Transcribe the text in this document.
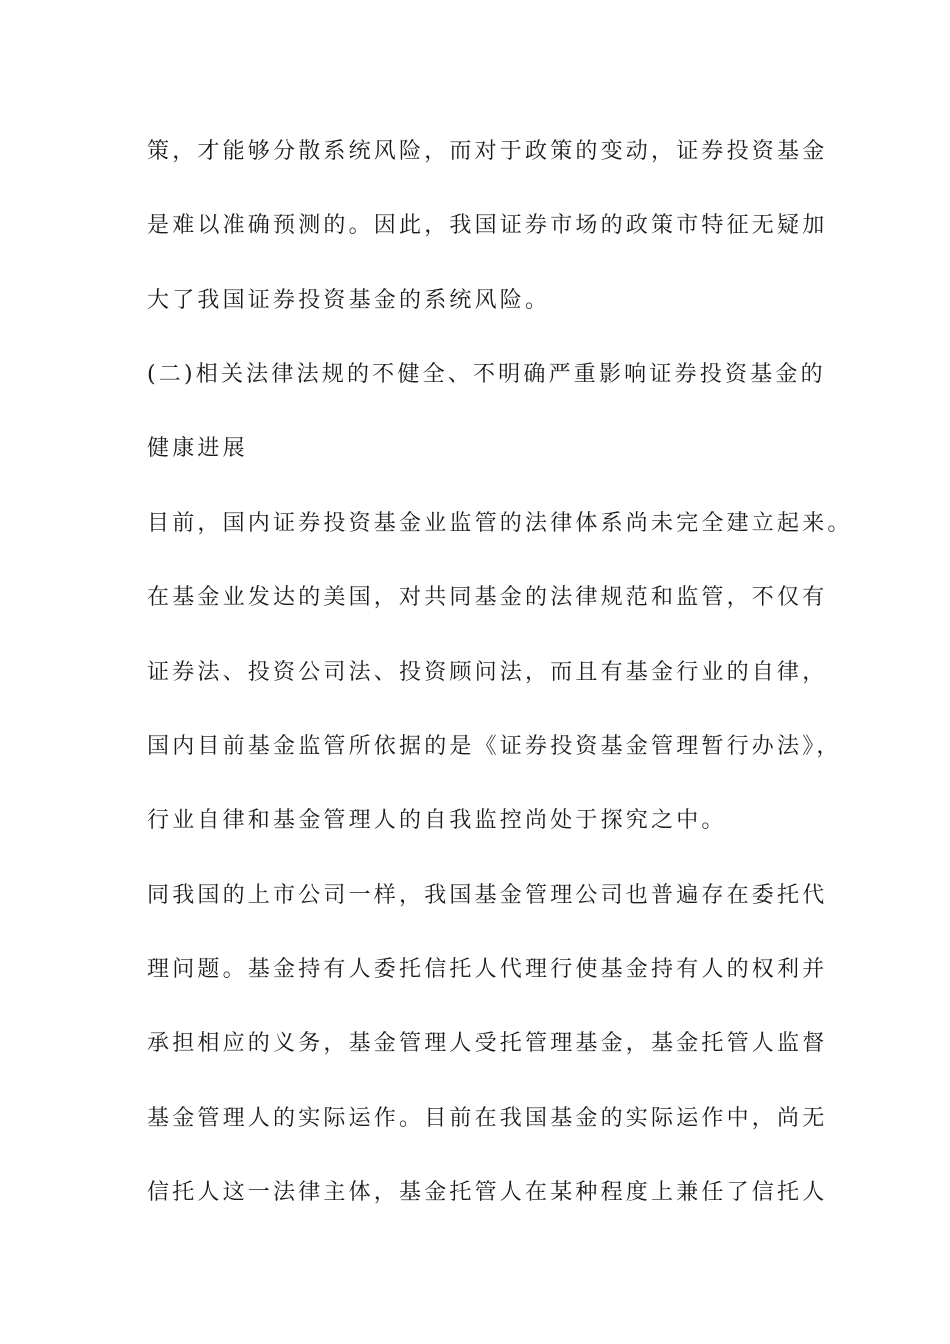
策，才能够分散系统风险，而对于政策的变动，证券投资基金
是难以准确预测的。因此，我国证券市场的政策市特征无疑加
大了我国证券投资基金的系统风险。
(二)相关法律法规的不健全、不明确严重影响证券投资基金的
健康进展
目前，国内证券投资基金业监管的法律体系尚未完全建立起来。
在基金业发达的美国，对共同基金的法律规范和监管，不仅有
证券法、投资公司法、投资顾问法，而且有基金行业的自律，
国内目前基金监管所依据的是《证券投资基金管理暂行办法》，
行业自律和基金管理人的自我监控尚处于探究之中。
同我国的上市公司一样，我国基金管理公司也普遍存在委托代
理问题。基金持有人委托信托人代理行使基金持有人的权利并
承担相应的义务，基金管理人受托管理基金，基金托管人监督
基金管理人的实际运作。目前在我国基金的实际运作中，尚无
信托人这一法律主体，基金托管人在某种程度上兼任了信托人
